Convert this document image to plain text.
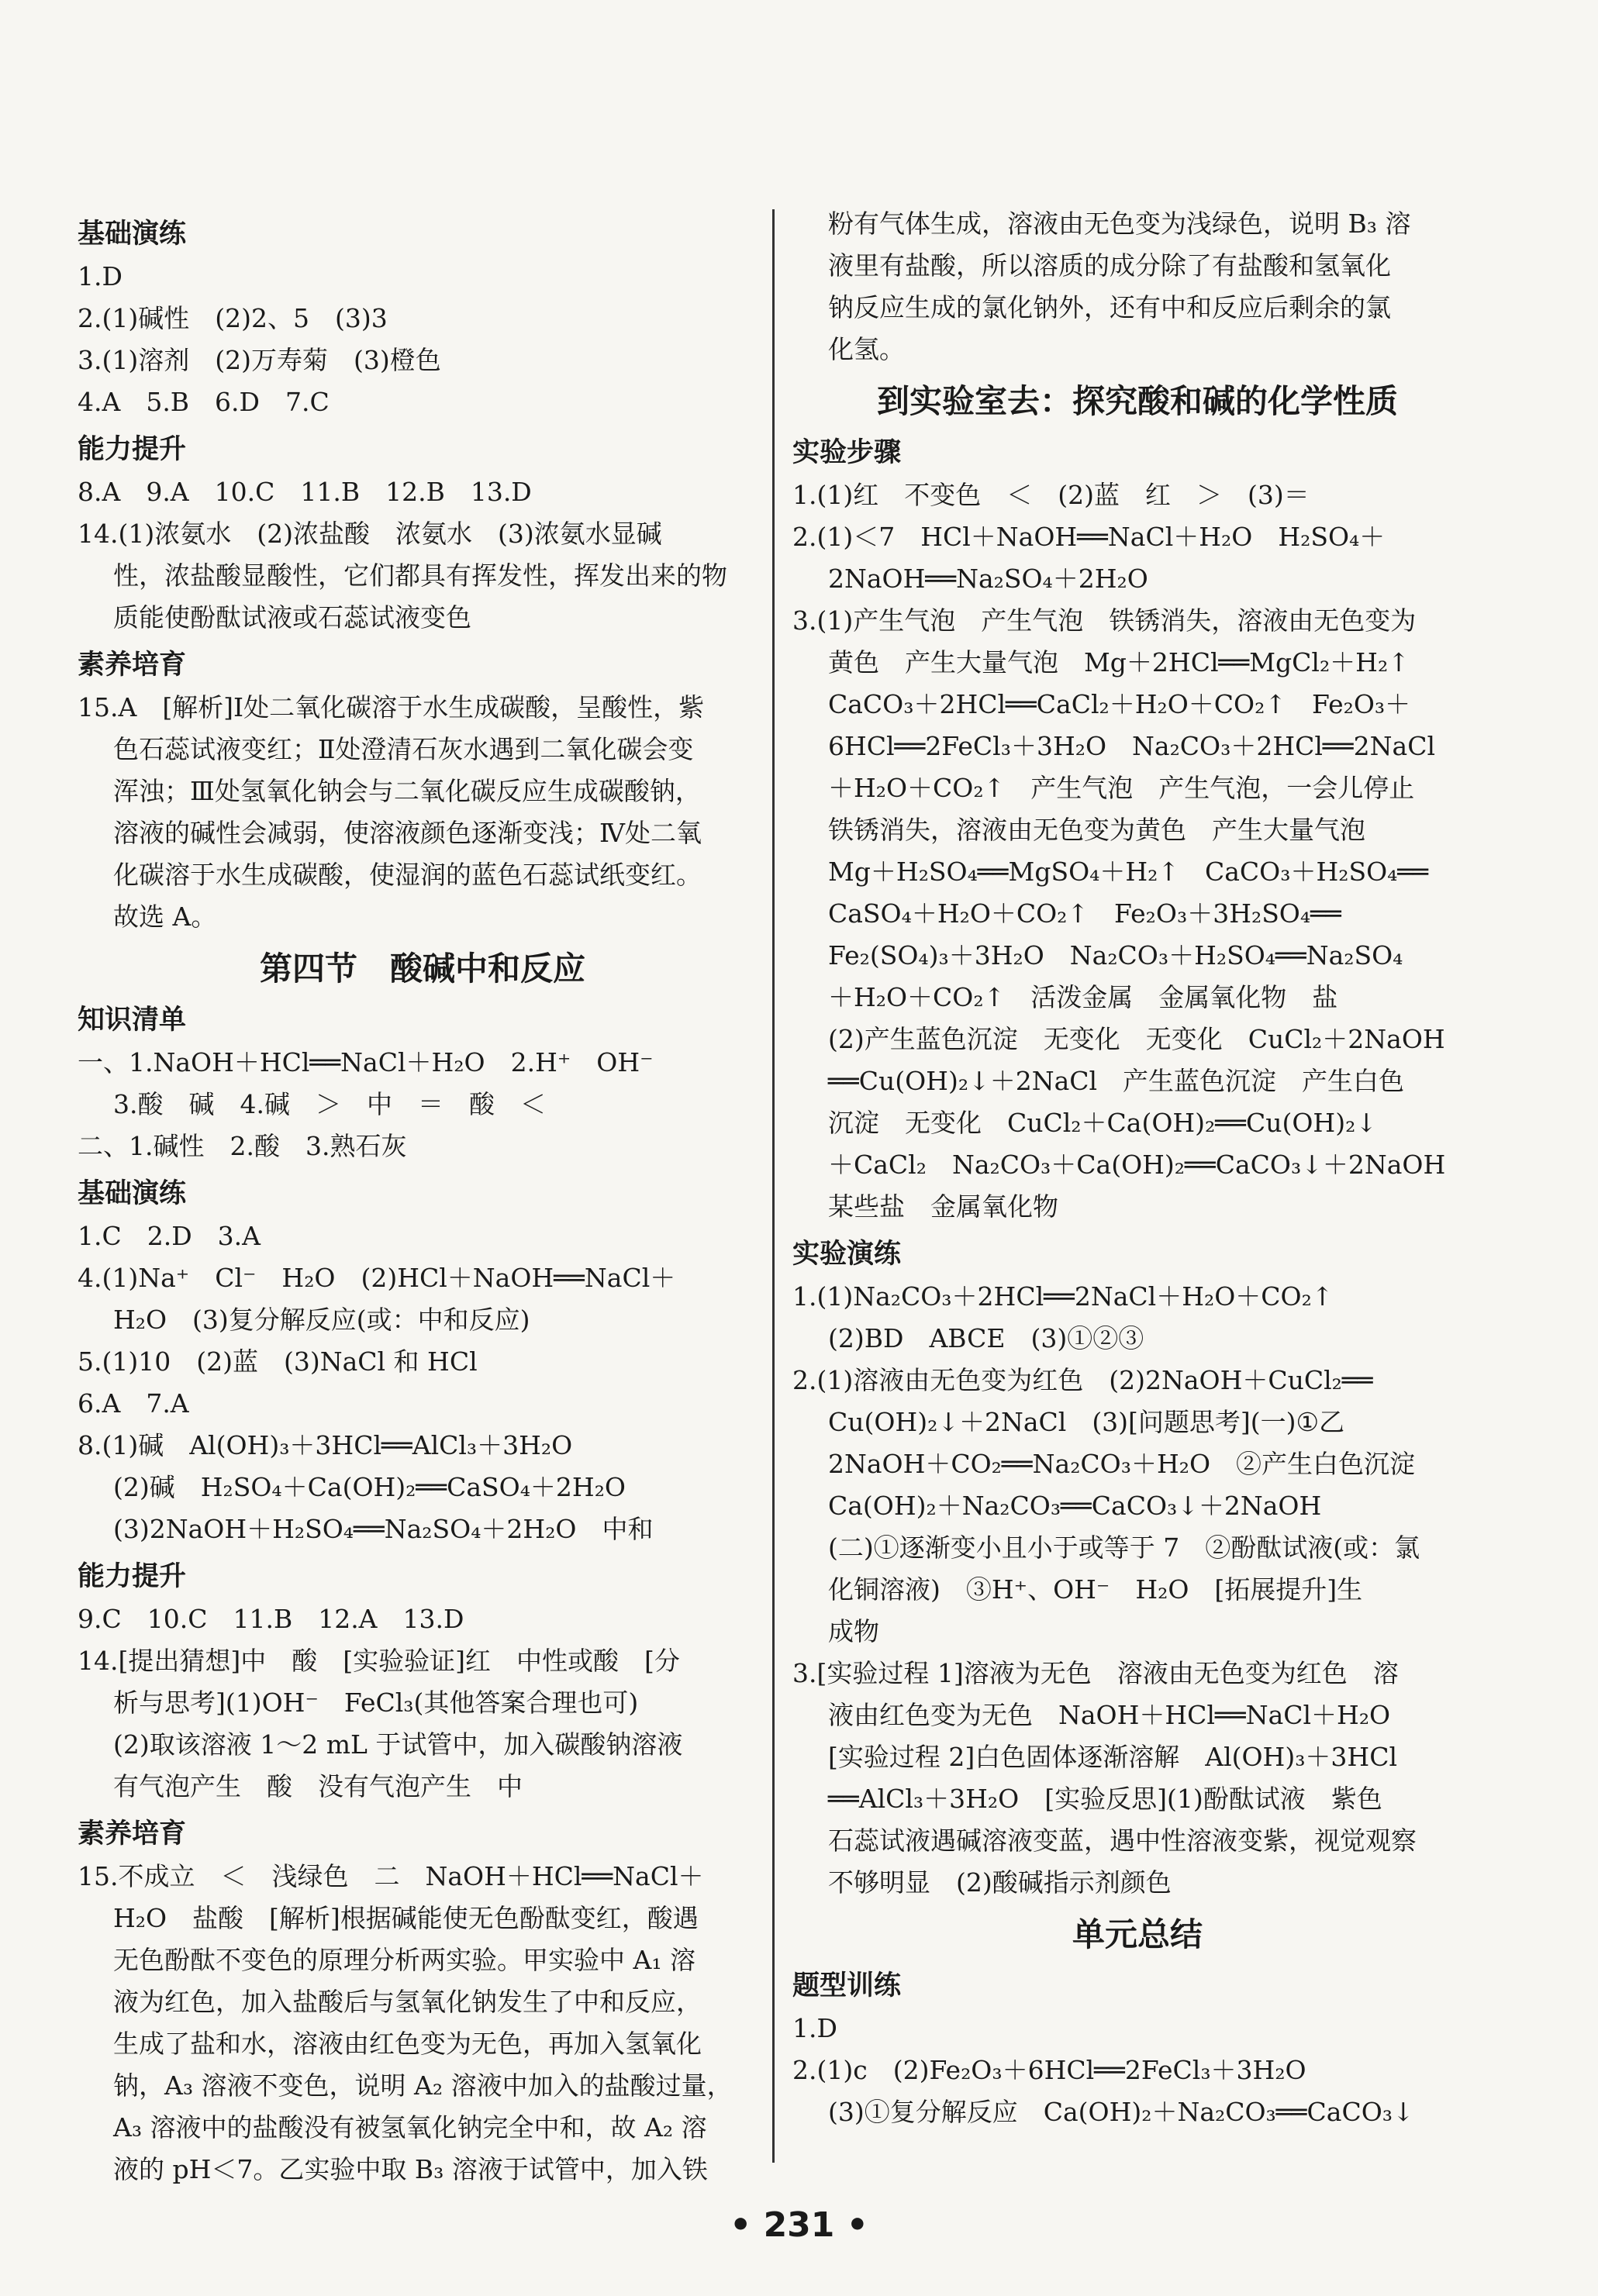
基础演练
1.D
2.(1)碱性　(2)2、5　(3)3
3.(1)溶剂　(2)万寿菊　(3)橙色
4.A　5.B　6.D　7.C
能力提升
8.A　9.A　10.C　11.B　12.B　13.D
14.(1)浓氨水　(2)浓盐酸　浓氨水　(3)浓氨水显碱
性，浓盐酸显酸性，它们都具有挥发性，挥发出来的物
质能使酚酞试液或石蕊试液变色
素养培育
15.A　[解析]Ⅰ处二氧化碳溶于水生成碳酸，呈酸性，紫
色石蕊试液变红；Ⅱ处澄清石灰水遇到二氧化碳会变
浑浊；Ⅲ处氢氧化钠会与二氧化碳反应生成碳酸钠，
溶液的碱性会减弱，使溶液颜色逐渐变浅；Ⅳ处二氧
化碳溶于水生成碳酸，使湿润的蓝色石蕊试纸变红。
故选 A。
第四节　酸碱中和反应
知识清单
一、1.NaOH＋HCl══NaCl＋H₂O　2.H⁺　OH⁻
3.酸　碱　4.碱　＞　中　＝　酸　＜
二、1.碱性　2.酸　3.熟石灰
基础演练
1.C　2.D　3.A
4.(1)Na⁺　Cl⁻　H₂O　(2)HCl＋NaOH══NaCl＋
H₂O　(3)复分解反应(或：中和反应)
5.(1)10　(2)蓝　(3)NaCl 和 HCl
6.A　7.A
8.(1)碱　Al(OH)₃＋3HCl══AlCl₃＋3H₂O
(2)碱　H₂SO₄＋Ca(OH)₂══CaSO₄＋2H₂O
(3)2NaOH＋H₂SO₄══Na₂SO₄＋2H₂O　中和
能力提升
9.C　10.C　11.B　12.A　13.D
14.[提出猜想]中　酸　[实验验证]红　中性或酸　[分
析与思考](1)OH⁻　FeCl₃(其他答案合理也可)
(2)取该溶液 1～2 mL 于试管中，加入碳酸钠溶液
有气泡产生　酸　没有气泡产生　中
素养培育
15.不成立　＜　浅绿色　二　NaOH＋HCl══NaCl＋
H₂O　盐酸　[解析]根据碱能使无色酚酞变红，酸遇
无色酚酞不变色的原理分析两实验。甲实验中 A₁ 溶
液为红色，加入盐酸后与氢氧化钠发生了中和反应，
生成了盐和水，溶液由红色变为无色，再加入氢氧化
钠，A₃ 溶液不变色，说明 A₂ 溶液中加入的盐酸过量，
A₃ 溶液中的盐酸没有被氢氧化钠完全中和，故 A₂ 溶
液的 pH＜7。乙实验中取 B₃ 溶液于试管中，加入铁
粉有气体生成，溶液由无色变为浅绿色，说明 B₃ 溶
液里有盐酸，所以溶质的成分除了有盐酸和氢氧化
钠反应生成的氯化钠外，还有中和反应后剩余的氯
化氢。
到实验室去：探究酸和碱的化学性质
实验步骤
1.(1)红　不变色　＜　(2)蓝　红　＞　(3)＝
2.(1)＜7　HCl＋NaOH══NaCl＋H₂O　H₂SO₄＋
2NaOH══Na₂SO₄＋2H₂O
3.(1)产生气泡　产生气泡　铁锈消失，溶液由无色变为
黄色　产生大量气泡　Mg＋2HCl══MgCl₂＋H₂↑
CaCO₃＋2HCl══CaCl₂＋H₂O＋CO₂↑　Fe₂O₃＋
6HCl══2FeCl₃＋3H₂O　Na₂CO₃＋2HCl══2NaCl
＋H₂O＋CO₂↑　产生气泡　产生气泡，一会儿停止
铁锈消失，溶液由无色变为黄色　产生大量气泡
Mg＋H₂SO₄══MgSO₄＋H₂↑　CaCO₃＋H₂SO₄══
CaSO₄＋H₂O＋CO₂↑　Fe₂O₃＋3H₂SO₄══
Fe₂(SO₄)₃＋3H₂O　Na₂CO₃＋H₂SO₄══Na₂SO₄
＋H₂O＋CO₂↑　活泼金属　金属氧化物　盐
(2)产生蓝色沉淀　无变化　无变化　CuCl₂＋2NaOH
══Cu(OH)₂↓＋2NaCl　产生蓝色沉淀　产生白色
沉淀　无变化　CuCl₂＋Ca(OH)₂══Cu(OH)₂↓
＋CaCl₂　Na₂CO₃＋Ca(OH)₂══CaCO₃↓＋2NaOH
某些盐　金属氧化物
实验演练
1.(1)Na₂CO₃＋2HCl══2NaCl＋H₂O＋CO₂↑
(2)BD　ABCE　(3)①②③
2.(1)溶液由无色变为红色　(2)2NaOH＋CuCl₂══
Cu(OH)₂↓＋2NaCl　(3)[问题思考](一)①乙
2NaOH＋CO₂══Na₂CO₃＋H₂O　②产生白色沉淀
Ca(OH)₂＋Na₂CO₃══CaCO₃↓＋2NaOH
(二)①逐渐变小且小于或等于 7　②酚酞试液(或：氯
化铜溶液)　③H⁺、OH⁻　H₂O　[拓展提升]生
成物
3.[实验过程 1]溶液为无色　溶液由无色变为红色　溶
液由红色变为无色　NaOH＋HCl══NaCl＋H₂O
[实验过程 2]白色固体逐渐溶解　Al(OH)₃＋3HCl
══AlCl₃＋3H₂O　[实验反思](1)酚酞试液　紫色
石蕊试液遇碱溶液变蓝，遇中性溶液变紫，视觉观察
不够明显　(2)酸碱指示剂颜色
单元总结
题型训练
1.D
2.(1)c　(2)Fe₂O₃＋6HCl══2FeCl₃＋3H₂O
(3)①复分解反应　Ca(OH)₂＋Na₂CO₃══CaCO₃↓
• 231 •
